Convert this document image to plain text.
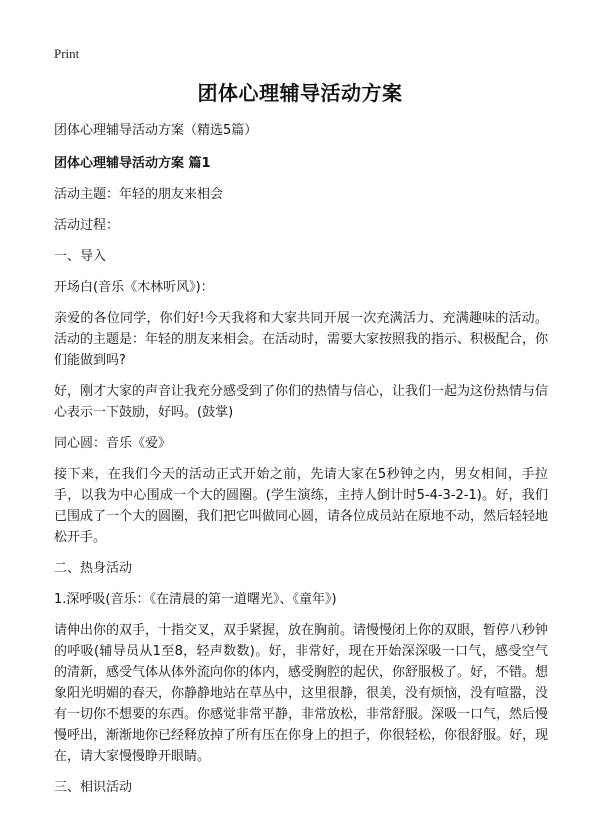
Print
团体心理辅导活动方案

团体心理辅导活动方案（精选5篇）

团体心理辅导活动方案 篇1

活动主题：年轻的朋友来相会

活动过程：

一、导入

开场白(音乐《木林听风》)：

亲爱的各位同学，你们好!今天我将和大家共同开展一次充满活力、充满趣味的活动。活动的主题是：年轻的朋友来相会。在活动时，需要大家按照我的指示、积极配合，你们能做到吗?

好，刚才大家的声音让我充分感受到了你们的热情与信心，让我们一起为这份热情与信心表示一下鼓励，好吗。(鼓掌)

同心圆：音乐《爱》

接下来，在我们今天的活动正式开始之前，先请大家在5秒钟之内，男女相间，手拉手，以我为中心围成一个大的圆圈。(学生演练，主持人倒计时5-4-3-2-1)。好，我们已围成了一个大的圆圈，我们把它叫做同心圆，请各位成员站在原地不动，然后轻轻地松开手。

二、热身活动

1.深呼吸(音乐：《在清晨的第一道曙光》、《童年》)

请伸出你的双手，十指交叉，双手紧握，放在胸前。请慢慢闭上你的双眼，暂停八秒钟的呼吸(辅导员从1至8，轻声数数)。好，非常好，现在开始深深吸一口气，感受空气的清新，感受气体从体外流向你的体内，感受胸腔的起伏，你舒服极了。好，不错。想象阳光明媚的春天，你静静地站在草丛中，这里很静，很美，没有烦恼，没有喧嚣，没有一切你不想要的东西。你感觉非常平静，非常放松，非常舒服。深吸一口气，然后慢慢呼出，渐渐地你已经释放掉了所有压在你身上的担子，你很轻松，你很舒服。好，现在，请大家慢慢睁开眼睛。

三、相识活动
